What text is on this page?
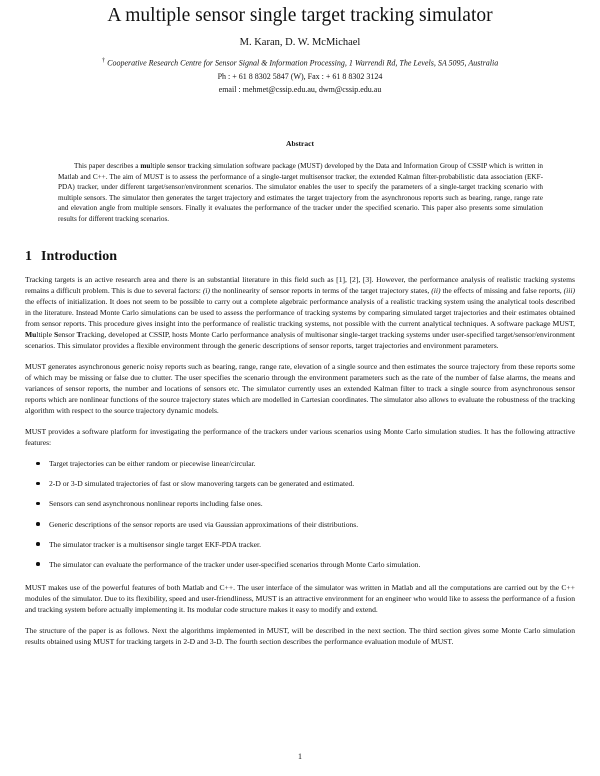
A multiple sensor single target tracking simulator
M. Karan, D. W. McMichael
† Cooperative Research Centre for Sensor Signal & Information Processing, 1 Warrendi Rd, The Levels, SA 5095, Australia
Ph : + 61 8 8302 5847 (W), Fax : + 61 8 8302 3124
email : mehmet@cssip.edu.au, dwm@cssip.edu.au
Abstract

This paper describes a multiple sensor tracking simulation software package (MUST) developed by the Data and Information Group of CSSIP which is written in Matlab and C++. The aim of MUST is to assess the performance of a single-target multisensor tracker, the extended Kalman filter-probabilistic data association (EKF-PDA) tracker, under different target/sensor/environment scenarios. The simulator enables the user to specify the parameters of a single-target tracking scenario with multiple sensors. The simulator then generates the target trajectory and estimates the target trajectory from the asynchronous reports such as bearing, range, range rate and elevation angle from multiple sensors. Finally it evaluates the performance of the tracker under the specified scenario. This paper also presents some simulation results for different tracking scenarios.

1 Introduction

Tracking targets is an active research area and there is an substantial literature in this field such as [1], [2], [3]. However, the performance analysis of realistic tracking systems remains a difficult problem. This is due to several factors: (i) the nonlinearity of sensor reports in terms of the target trajectory states, (ii) the effects of missing and false reports, (iii) the effects of initialization. It does not seem to be possible to carry out a complete algebraic performance analysis of a realistic tracking system using the analytical tools described in the literature. Instead Monte Carlo simulations can be used to assess the performance of tracking systems by comparing simulated target trajectories and their estimates obtained from sensor reports. This procedure gives insight into the performance of realistic tracking systems, not possible with the current analytical techniques. A software package MUST, Multiple Sensor Tracking, developed at CSSIP, hosts Monte Carlo performance analysis of multisonar single-target tracking systems under user-specified target/sensor/environment scenarios. This simulator provides a flexible environment through the generic descriptions of sensor reports, target trajectories and environment parameters.

MUST generates asynchronous generic noisy reports such as bearing, range, range rate, elevation of a single source and then estimates the source trajectory from these reports some of which may be missing or false due to clutter. The user specifies the scenario through the environment parameters such as the rate of the number of false alarms, the means and variances of sensor reports, the number and locations of sensors etc. The simulator currently uses an extended Kalman filter to track a single source from asynchronous sensor reports which are nonlinear functions of the source trajectory states which are modelled in Cartesian coordinates. The simulator also allows to evaluate the robustness of the tracking algorithm with respect to the source trajectory dynamic models.

MUST provides a software platform for investigating the performance of the trackers under various scenarios using Monte Carlo simulation studies. It has the following attractive features:

Target trajectories can be either random or piecewise linear/circular.
2-D or 3-D simulated trajectories of fast or slow manovering targets can be generated and estimated.
Sensors can send asynchronous nonlinear reports including false ones.
Generic descriptions of the sensor reports are used via Gaussian approximations of their distributions.
The simulator tracker is a multisensor single target EKF-PDA tracker.
The simulator can evaluate the performance of the tracker under user-specified scenarios through Monte Carlo simulation.

MUST makes use of the powerful features of both Matlab and C++. The user interface of the simulator was written in Matlab and all the computations are carried out by the C++ modules of the simulator. Due to its flexibility, speed and user-friendliness, MUST is an attractive environment for an engineer who would like to assess the performance of a fusion and tracking system before actually implementing it. Its modular code structure makes it easy to modify and extend.

The structure of the paper is as follows. Next the algorithms implemented in MUST, will be described in the next section. The third section gives some Monte Carlo simulation results obtained using MUST for tracking targets in 2-D and 3-D. The fourth section describes the performance evaluation module of MUST.

1
